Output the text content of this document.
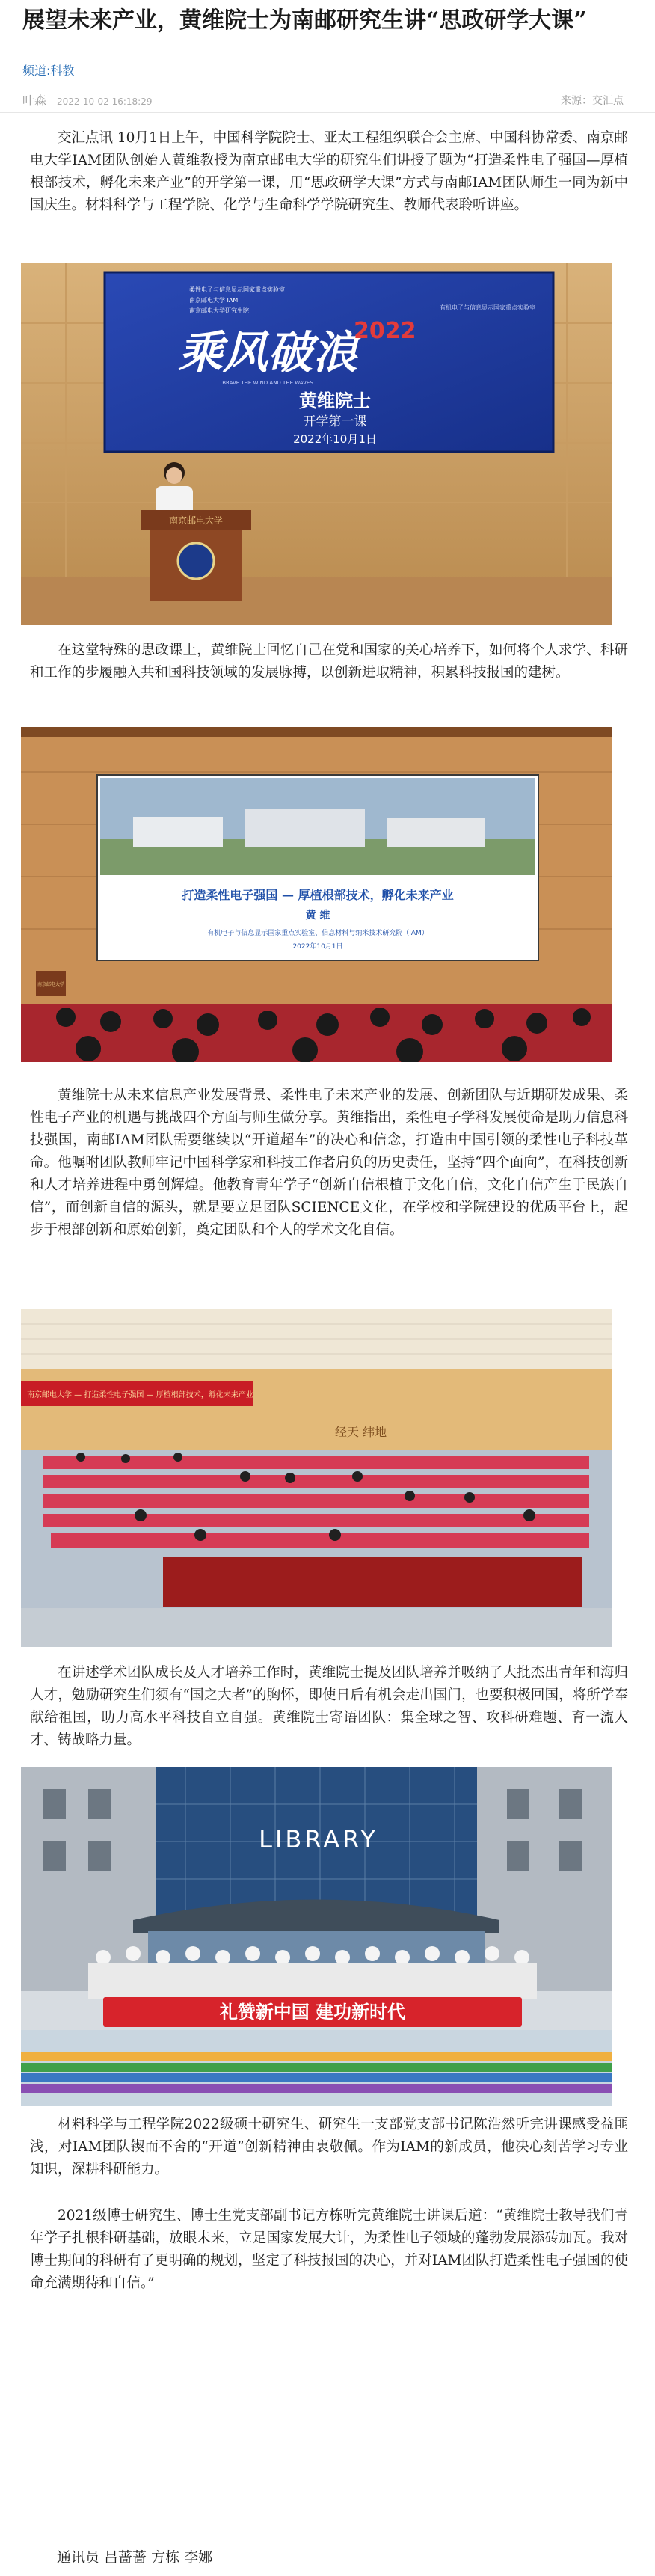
展望未来产业，黄维院士为南邮研究生讲“思政研学大课”
频道:科教
叶森 2022-10-02 16:18:29	来源：交汇点

交汇点讯 10月1日上午，中国科学院院士、亚太工程组织联合会主席、中国科协常委、南京邮电大学IAM团队创始人黄维教授为南京邮电大学的研究生们讲授了题为“打造柔性电子强国—厚植根部技术，孵化未来产业”的开学第一课，用“思政研学大课”方式与南邮IAM团队师生一同为新中国庆生。材料科学与工程学院、化学与生命科学学院研究生、教师代表聆听讲座。

柔性电子与信息显示国家重点实验室
南京邮电大学 IAM
南京邮电大学研究生院	有机电子与信息显示国家重点实验室
乘风破浪
2022
BRAVE THE WIND AND THE WAVES
黄维院士
开学第一课
2022年10月1日
南京邮电大学

在这堂特殊的思政课上，黄维院士回忆自己在党和国家的关心培养下，如何将个人求学、科研和工作的步履融入共和国科技领域的发展脉搏，以创新进取精神，积累科技报国的建树。

打造柔性电子强国 — 厚植根部技术，孵化未来产业
黄 维
有机电子与信息显示国家重点实验室、信息材料与纳米技术研究院（IAM）
2022年10月1日
南京邮电大学

黄维院士从未来信息产业发展背景、柔性电子未来产业的发展、创新团队与近期研发成果、柔性电子产业的机遇与挑战四个方面与师生做分享。黄维指出，柔性电子学科发展使命是助力信息科技强国，南邮IAM团队需要继续以“开道超车”的决心和信念，打造由中国引领的柔性电子科技革命。他嘱咐团队教师牢记中国科学家和科技工作者肩负的历史责任，坚持“四个面向”，在科技创新和人才培养进程中勇创辉煌。他教育青年学子“创新自信根植于文化自信，文化自信产生于民族自信”，而创新自信的源头，就是要立足团队SCIENCE文化，在学校和学院建设的优质平台上，起步于根部创新和原始创新，奠定团队和个人的学术文化自信。

南京邮电大学 — 打造柔性电子强国 — 厚植根部技术，孵化未来产业
经天 纬地

在讲述学术团队成长及人才培养工作时，黄维院士提及团队培养并吸纳了大批杰出青年和海归人才，勉励研究生们须有“国之大者”的胸怀，即使日后有机会走出国门，也要积极回国，将所学奉献给祖国，助力高水平科技自立自强。黄维院士寄语团队：集全球之智、攻科研难题、育一流人才、铸战略力量。

LIBRARY
礼赞新中国 建功新时代

材料科学与工程学院2022级硕士研究生、研究生一支部党支部书记陈浩然听完讲课感受益匪浅，对IAM团队锲而不舍的“开道”创新精神由衷敬佩。作为IAM的新成员，他决心刻苦学习专业知识，深耕科研能力。

2021级博士研究生、博士生党支部副书记方栋听完黄维院士讲课后道：“黄维院士教导我们青年学子扎根科研基础，放眼未来，立足国家发展大计，为柔性电子领域的蓬勃发展添砖加瓦。我对博士期间的科研有了更明确的规划，坚定了科技报国的决心，并对IAM团队打造柔性电子强国的使命充满期待和自信。”

通讯员 吕蔷蔷 方栋 李娜
